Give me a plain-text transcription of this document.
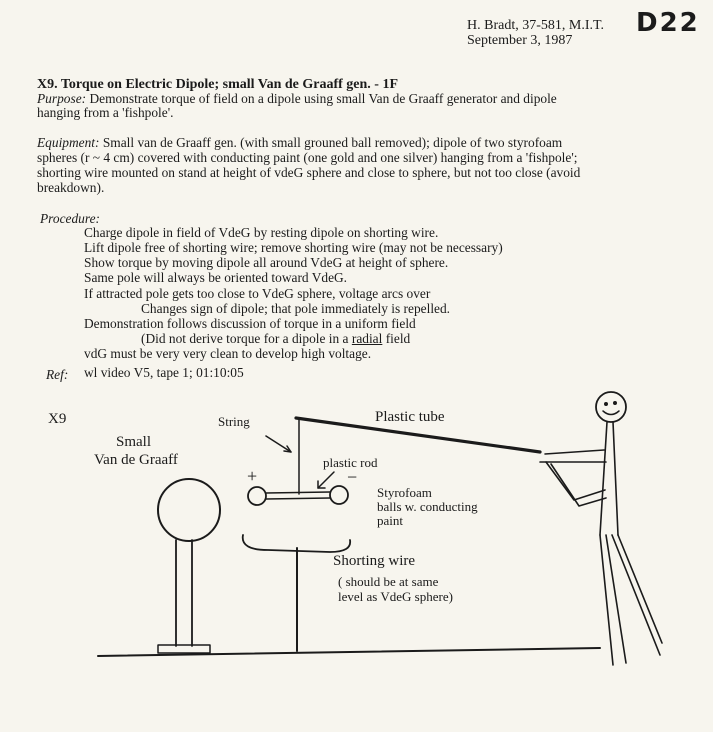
H. Bradt, 37-581, M.I.T.
September 3, 1987
D22
X9. Torque on Electric Dipole; small Van de Graaff gen. - 1F
Purpose: Demonstrate torque of field on a dipole using small Van de Graaff generator and dipole
hanging from a 'fishpole'.
Equipment: Small van de Graaff gen. (with small grouned ball removed); dipole of two styrofoam
spheres (r ~ 4 cm) covered with conducting paint (one gold and one silver) hanging from a 'fishpole';
shorting wire mounted on stand at height of vdeG sphere and close to sphere, but not too close (avoid
breakdown).
Procedure:
Charge dipole in field of VdeG by resting dipole on shorting wire.
Lift dipole free of shorting wire; remove shorting wire (may not be necessary)
Show torque by moving dipole all around VdeG at height of sphere.
Same pole will always be oriented toward VdeG.
If attracted pole gets too close to VdeG sphere, voltage arcs over
Changes sign of dipole; that pole immediately is repelled.
Demonstration follows discussion of torque in a uniform field
(Did not derive torque for a dipole in a radial field
vdG must be very very clean to develop high voltage.
Ref: wl video V5, tape 1; 01:10:05
X9
Small
Van de Graaff
String	Plastic tube
plastic rod
+	−
Styrofoam
balls w. conducting
paint
Shorting wire
( should be at same
level as VdeG sphere)
